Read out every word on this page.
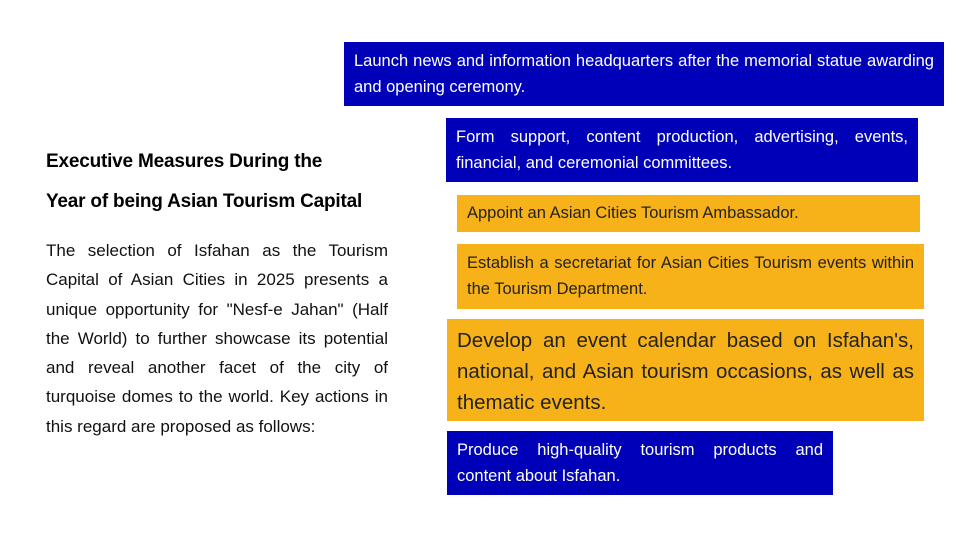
Executive Measures During the
Year of being Asian Tourism Capital
The selection of Isfahan as the Tourism Capital of Asian Cities in 2025 presents a unique opportunity for "Nesf-e Jahan" (Half the World) to further showcase its potential and reveal another facet of the city of turquoise domes to the world. Key actions in this regard are proposed as follows:
Launch news and information headquarters after the memorial statue awarding and opening ceremony.
Form support, content production, advertising, events, financial, and ceremonial committees.
Appoint an Asian Cities Tourism Ambassador.
Establish a secretariat for Asian Cities Tourism events within the Tourism Department.
Develop an event calendar based on Isfahan's, national, and Asian tourism occasions, as well as thematic events.
Produce high-quality tourism products and content about Isfahan.
